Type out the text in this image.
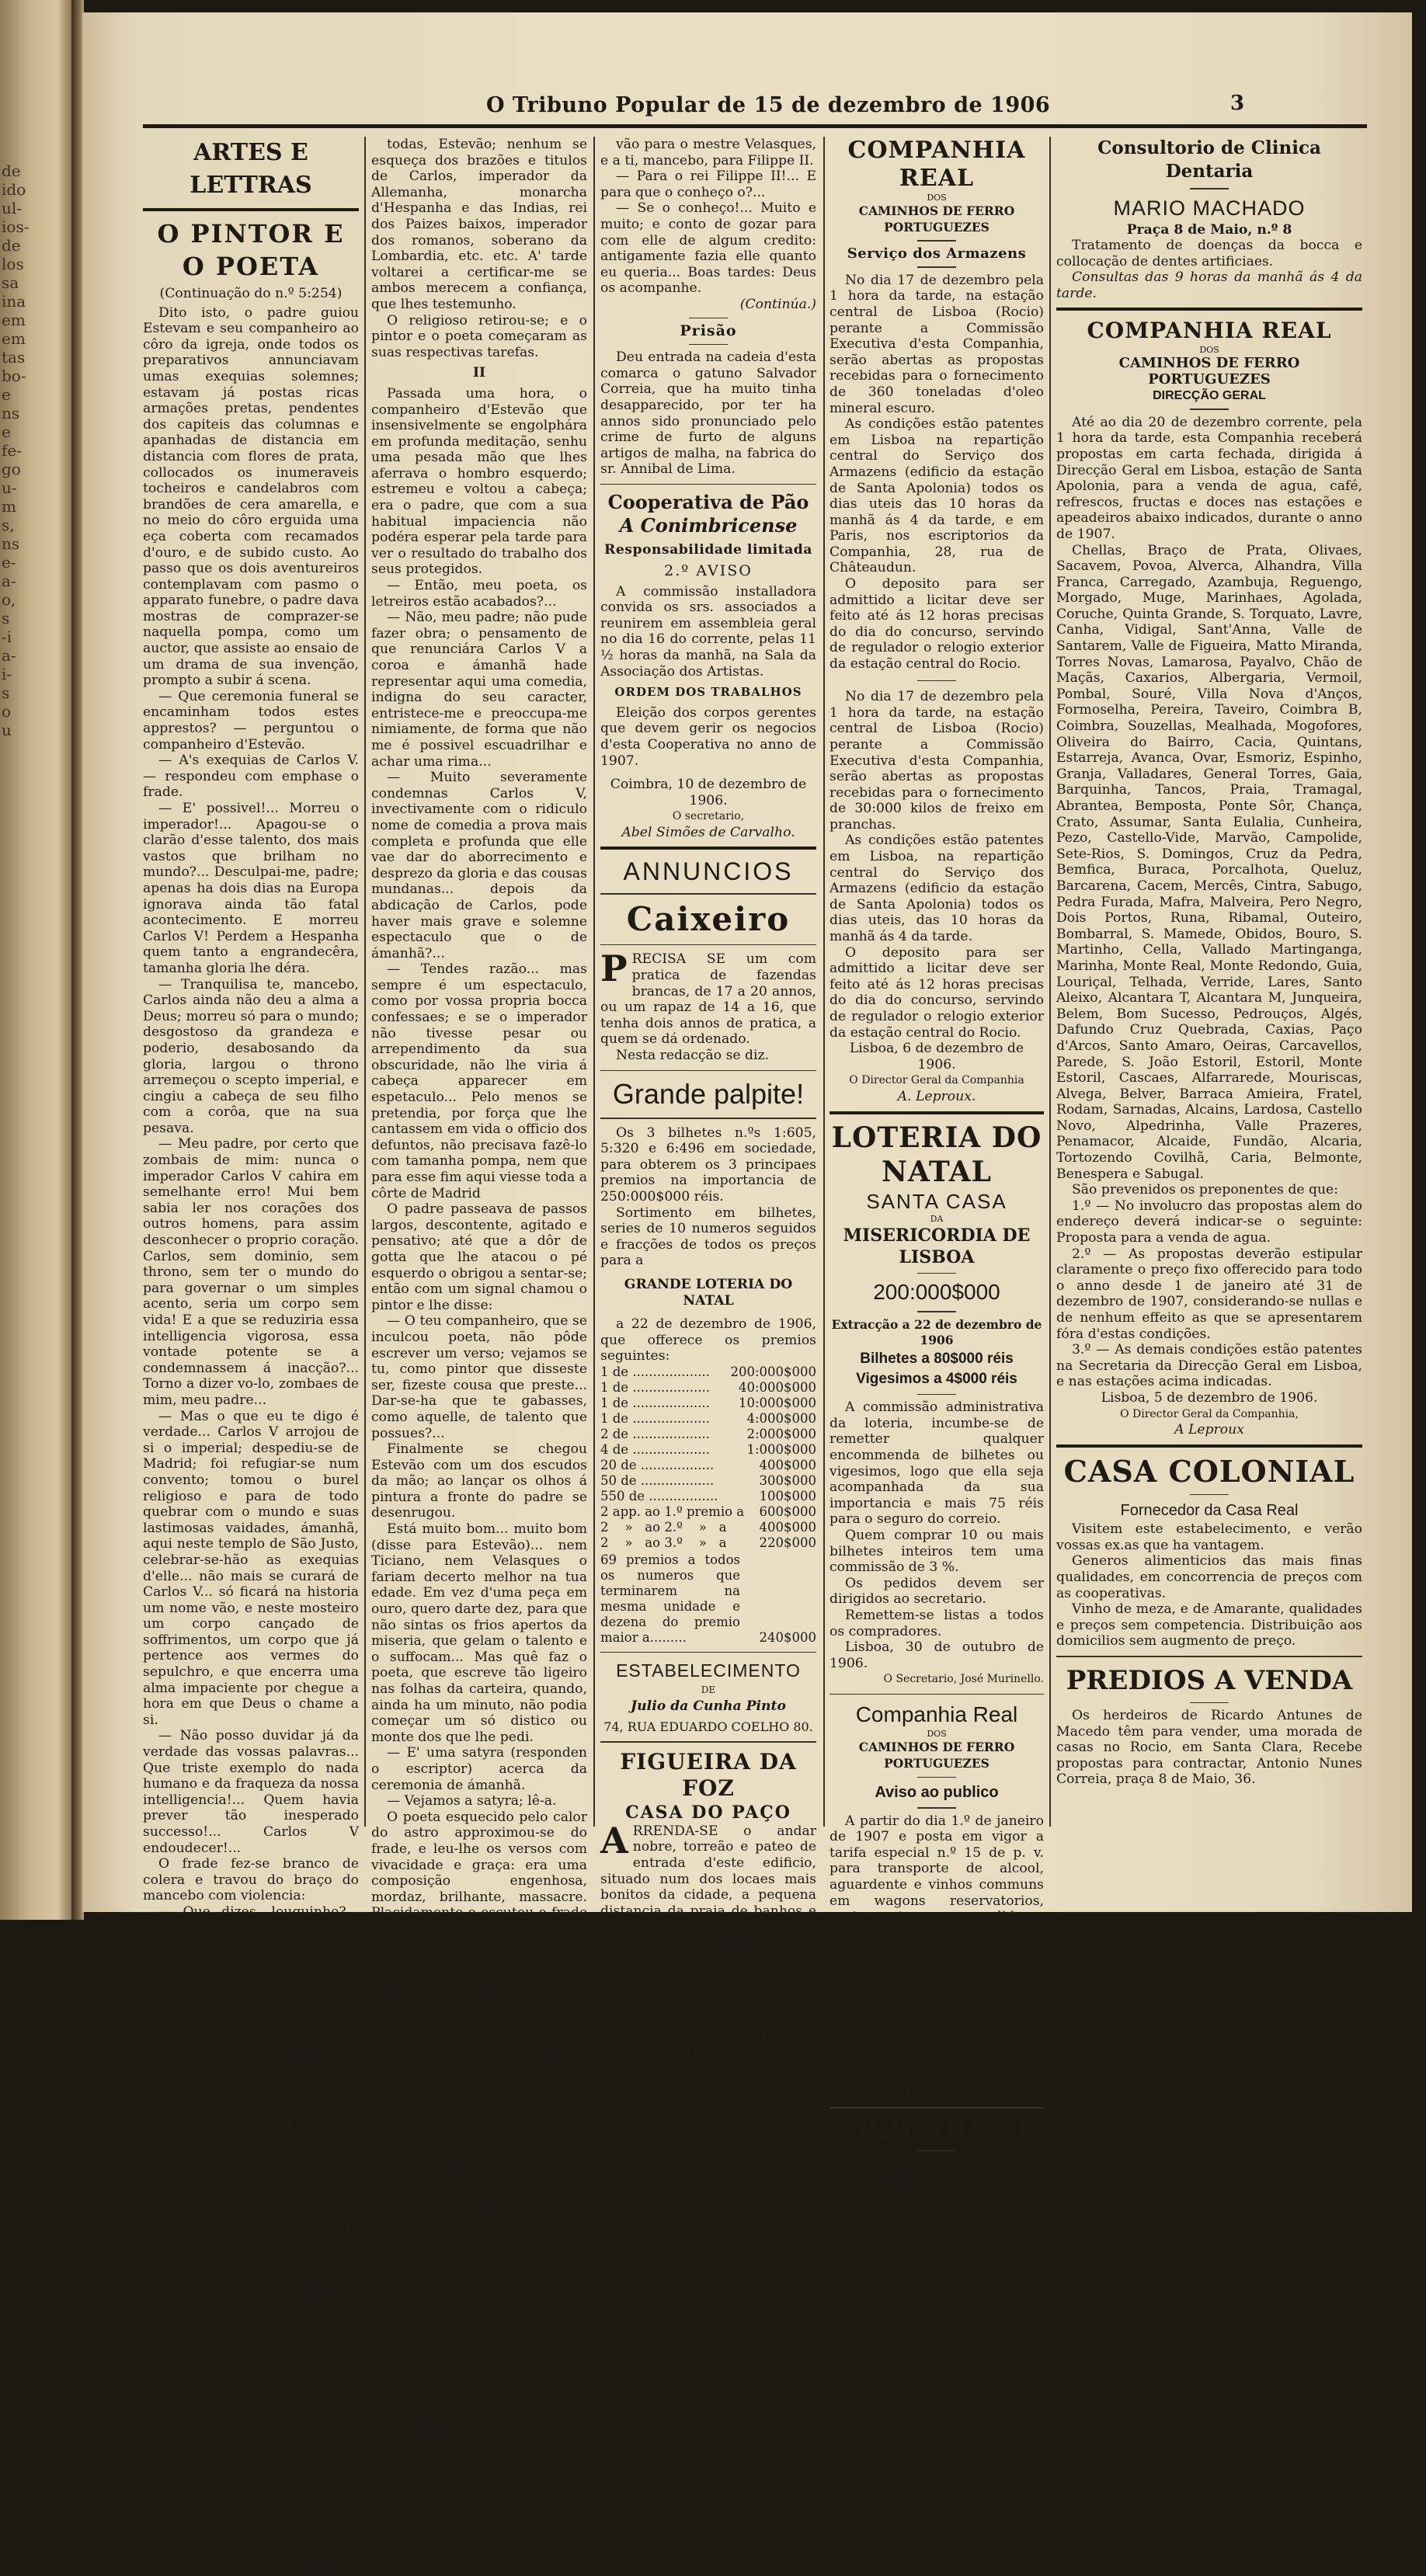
de
ido
ul-
ios-
de
los
sa
ina
em
em
tas
bo-
e
ns
e
fe-
go
u-
m
s,
ns
e-
a-
o,
s
-i
a-
i-
s
o
u
O Tribuno Popular de 15 de dezembro de 1906	3
ARTES E LETTRAS
O PINTOR E O POETA

(Continuação do n.º 5:254)

Dito isto, o padre guiou Estevam e seu companheiro ao côro da igreja, onde todos os preparativos annunciavam umas exequias solemnes; estavam já postas ricas armações pretas, pendentes dos capiteis das columnas e apanhadas de distancia em distancia com flores de prata, collocados os inumeraveis tocheiros e candelabros com brandões de cera amarella, e no meio do côro erguida uma eça coberta com recamados d'ouro, e de subido custo. Ao passo que os dois aventureiros contemplavam com pasmo o apparato funebre, o padre dava mostras de comprazer-se naquella pompa, como um auctor, que assiste ao ensaio de um drama de sua invenção, prompto a subir á scena.

— Que ceremonia funeral se encaminham todos estes apprestos? — perguntou o companheiro d'Estevão.

— A's exequias de Carlos V. — respondeu com emphase o frade.

— E' possivel!... Morreu o imperador!... Apagou-se o clarão d'esse talento, dos mais vastos que brilham no mundo?... Desculpai-me, padre; apenas ha dois dias na Europa ignorava ainda tão fatal acontecimento. E morreu Carlos V! Perdem a Hespanha quem tanto a engrandecêra, tamanha gloria lhe déra.

— Tranquilisa te, mancebo, Carlos ainda não deu a alma a Deus; morreu só para o mundo; desgostoso da grandeza e poderio, desabosando da gloria, largou o throno arremeçou o scepto imperial, e cingiu a cabeça de seu filho com a corôa, que na sua pesava.

— Meu padre, por certo que zombais de mim: nunca o imperador Carlos V cahira em semelhante erro! Mui bem sabia ler nos corações dos outros homens, para assim desconhecer o proprio coração. Carlos, sem dominio, sem throno, sem ter o mundo do para governar o um simples acento, seria um corpo sem vida! E a que se reduziria essa intelligencia vigorosa, essa vontade potente se a condemnassem á inacção?... Torno a dizer vo-lo, zombaes de mim, meu padre...

— Mas o que eu te digo é verdade... Carlos V arrojou de si o imperial; despediu-se de Madrid; foi refugiar-se num convento; tomou o burel religioso e para de todo quebrar com o mundo e suas lastimosas vaidades, ámanhã, aqui neste templo de São Justo, celebrar-se-hão as exequias d'elle... não mais se curará de Carlos V... só ficará na historia um nome vão, e neste mosteiro um corpo cançado de soffrimentos, um corpo que já pertence aos vermes do sepulchro, e que encerra uma alma impaciente por chegue a hora em que Deus o chame a si.

— Não posso duvidar já da verdade das vossas palavras... Que triste exemplo do nada humano e da fraqueza da nossa intelligencia!... Quem havia prever tão inesperado successo!... Carlos V endoudecer!...

O frade fez-se branco de colera e travou do braço do mancebo com violencia:

— Que dizes, louquinho?... Carlos goza do prefeito uso da sua razão.

— Não, meu padre, perdoe... não é possivel. Se a mão de Deus não pesasse sobre a cabeça do imperador; se elle conservasse o uso da razão, como dizeis, não iria expor-se ao escarneo da Europa, do mundo inteiro! Se queria dedicar á religião o resto da vida, e cuidar da sua salvação, não podia fazê-lo sem despojar-se de coisas?... Quero pensar que a sua abdicação não é acto e prova caval de loucura; mas esses funeraes antecipados, esse ridiculo ceremonial d'amanhã não demonstram sobejamente a demencia de Carlos?... E hade acabar assim homem tão illustre! Não devia imitar até ao fim Carlos Magno, de quem se mostrou emulo, de quem cingiu a corôa?

Facil era ver que as expreções do mancebo ao mesmo tempo lisongeavam e offendiam o padre; porque era este enrugava a testa, ora com um sorriso se lhe dessassombrava o rosto.

Não é tão cerrada a tua barba, poeta novato, que te caiba o direito de julgar as acções de Carlos V... Entenda a obra e compõe as divisas, que te encommendei, e o teu companheiro que pinte os escudos com as armas de Carlos V: neste livro as acharás

todas, Estevão; nenhum se esqueça dos brazões e titulos de Carlos, imperador da Allemanha, monarcha d'Hespanha e das Indias, rei dos Paizes baixos, imperador dos romanos, soberano da Lombardia, etc. etc. A' tarde voltarei a certificar-me se ambos merecem a confiança, que lhes testemunho.

O religioso retirou-se; e o pintor e o poeta começaram as suas respectivas tarefas.

II

Passada uma hora, o companheiro d'Estevão que insensivelmente se engolphára em profunda meditação, senhu uma pesada mão que lhes aferrava o hombro esquerdo; estremeu e voltou a cabeça; era o padre, que com a sua habitual impaciencia não podéra esperar pela tarde para ver o resultado do trabalho dos seus protegidos.

— Então, meu poeta, os letreiros estão acabados?...

— Não, meu padre; não pude fazer obra; o pensamento de que renunciára Carlos V a coroa e ámanhã hade representar aqui uma comedia, indigna do seu caracter, entristece-me e preoccupa-me nimiamente, de forma que não me é possivel escuadrilhar e achar uma rima...

— Muito severamente condemnas Carlos V, invectivamente com o ridiculo nome de comedia a prova mais completa e profunda que elle vae dar do aborrecimento e desprezo da gloria e das cousas mundanas... depois da abdicação de Carlos, pode haver mais grave e solemne espectaculo que o de ámanhã?...

— Tendes razão... mas sempre é um espectaculo, como por vossa propria bocca confessaes; e se o imperador não tivesse pesar ou arrependimento da sua obscuridade, não lhe viria á cabeça apparecer em espetaculo... Pelo menos se pretendia, por força que lhe cantassem em vida o officio dos defuntos, não precisava fazê-lo com tamanha pompa, nem que para esse fim aqui viesse toda a côrte de Madrid

O padre passeava de passos largos, descontente, agitado e pensativo; até que a dôr de gotta que lhe atacou o pé esquerdo o obrigou a sentar-se; então com um signal chamou o pintor e lhe disse:

— O teu companheiro, que se inculcou poeta, não pôde escrever um verso; vejamos se tu, como pintor que disseste ser, fizeste cousa que preste... Dar-se-ha que te gabasses, como aquelle, de talento que possues?...

Finalmente se chegou Estevão com um dos escudos da mão; ao lançar os olhos á pintura a fronte do padre se desenrugou.

Está muito bom... muito bom (disse para Estevão)... nem Ticiano, nem Velasques o fariam decerto melhor na tua edade. Em vez d'uma peça em ouro, quero darte dez, para que não sintas os frios apertos da miseria, que gelam o talento e o suffocam... Mas quê faz o poeta, que escreve tão ligeiro nas folhas da carteira, quando, ainda ha um minuto, não podia começar um só distico ou monte dos que lhe pedi.

— E' uma satyra (responden o escriptor) acerca da ceremonia de ámanhã.

— Vejamos a satyra; lê-a.

O poeta esquecido pelo calor do astro approximou-se do frade, e leu-lhe os versos com vivacidade e graça: era uma composição engenhosa, mordaz, brilhante, massacre. Placidamente o escutou o frade até ao cabo; e ora approvava certas passagens, ora censurava outras, e por duas ou trez vezes carregou as sobrancelhas em signal de descontentamento.

— Merecem esses versos (disse) elogios como obra poetica; e fóra de duvida, es auctor de talento... Daime porem agora provas de animoso e leal... Terias escripto esses versos quando Carlos V ainda reinava?... Não é isso, como narra a fabula, dar o pontapé no leão moribundo?

O poeta rasgou as folhas escriptas, e arremessou os fragmentos, que voaram dispersos.

— Bom! essa acção nos reconcilia. Mas é chegada a hora de vesperas; estão acabadas as pinturas; não podemos aqui demorar-nos mais tempo. Ide accommodar-vos numa das pousadas da villa, e ámanhã comparecerei á solemnidade funebre. Estevão julgará então melhor do effeito da sua obra, e habilitar-se-ha para algum dia compor um quadro da scena magestosa e terrivel, une presenciar. Finda a ceremonia faço tenção de dar cartas de recommendação a ambos, a Este-

vão para o mestre Velasques, e a ti, mancebo, para Filippe II.

— Para o rei Filippe II!... E para que o conheço o?...

— Se o conheço!... Muito e muito; e conto de gozar para com elle de algum credito: antigamente fazia elle quanto eu queria... Boas tardes: Deus os acompanhe.

(Continúa.)

Prisão

Deu entrada na cadeia d'esta comarca o gatuno Salvador Correia, que ha muito tinha desapparecido, por ter ha annos sido pronunciado pelo crime de furto de alguns artigos de malha, na fabrica do sr. Annibal de Lima.

Cooperativa de Pão

A Conimbricense

Responsabilidade limitada

2.º AVISO

A commissão installadora convida os srs. associados a reunirem em assembleia geral no dia 16 do corrente, pelas 11 ½ horas da manhã, na Sala da Associação dos Artistas.

ORDEM DOS TRABALHOS

Eleição dos corpos gerentes que devem gerir os negocios d'esta Cooperativa no anno de 1907.

Coimbra, 10 de dezembro de 1906.

O secretario,

Abel Simões de Carvalho.

ANNUNCIOS

Caixeiro

PRECISA SE um com pratica de fazendas brancas, de 17 a 20 annos, ou um rapaz de 14 a 16, que tenha dois annos de pratica, a quem se dá ordenado.

Nesta redacção se diz.

Grande palpite!

Os 3 bilhetes n.ºs 1:605, 5:320 e 6:496 em sociedade, para obterem os 3 principaes premios na importancia de 250:000$000 réis.

Sortimento em bilhetes, series de 10 numeros seguidos e fracções de todos os preços para a

GRANDE LOTERIA DO NATAL

a 22 de dezembro de 1906, que offerece os premios seguintes:

1 de ................... 200:000$000
1 de ................... 40:000$000
1 de ................... 10:000$000
1 de ...................	4:000$000
2 de ...................	2:000$000
4 de ...................	1:000$000
20 de ..................	400$000
50 de ..................	300$000
550 de .................	100$000
2 app. ao 1.º premio a 600$000
2    »   ao 2.º    »   a	400$000
2    »   ao 3.º    »   a	220$000
69 premios a todos os numeros que terminarem na mesma unidade e dezena do premio maior a.........	240$000

ESTABELECIMENTO

DE

Julio da Cunha Pinto

74, RUA EDUARDO COELHO 80.

FIGUEIRA DA FOZ

CASA DO PAÇO

ARRENDA-SE o andar nobre, torreão e pateo de entrada d'este edificio, situado num dos locaes mais bonitos da cidade, a pequena distancia da praia de banhos e com linda vista de mar e de rio.

Presta-se excellentemente não só para residencia particular como para installação de um grande Hotel, Collegio, ou qualquer outro grande estabelecimento ou empreza Commercial.

Dão-se informações e aceitam-se desde já propostas no estabelecimento commercial do Ill.mo Sr. Adriano Dias Barata Salgueiro, ao Largo do Carvão.

COMPANHIA REAL

DOS

CAMINHOS DE FERRO PORTUGUEZES

Serviço dos Armazens

No dia 17 de dezembro pela 1 hora da tarde, na estação central de Lisboa (Rocio) perante a Commissão Executiva d'esta Companhia, serão abertas as propostas recebidas para o fornecimento de 360 toneladas d'oleo mineral escuro.

As condições estão patentes em Lisboa na repartição central do Serviço dos Armazens (edificio da estação de Santa Apolonia) todos os dias uteis das 10 horas da manhã ás 4 da tarde, e em Paris, nos escriptorios da Companhia, 28, rua de Châteaudun.

O deposito para ser admittido a licitar deve ser feito até ás 12 horas precisas do dia do concurso, servindo de regulador o relogio exterior da estação central do Rocio.

No dia 17 de dezembro pela 1 hora da tarde, na estação central de Lisboa (Rocio) perante a Commissão Executiva d'esta Companhia, serão abertas as propostas recebidas para o fornecimento de 30:000 kilos de freixo em pranchas.

As condições estão patentes em Lisboa, na repartição central do Serviço dos Armazens (edificio da estação de Santa Apolonia) todos os dias uteis, das 10 horas da manhã ás 4 da tarde.

O deposito para ser admittido a licitar deve ser feito até ás 12 horas precisas do dia do concurso, servindo de regulador o relogio exterior da estação central do Rocio.

Lisboa, 6 de dezembro de 1906.

O Director Geral da Companhia

A. Leproux.

LOTERIA DO NATAL

SANTA CASA

DA

MISERICORDIA DE LISBOA

200:000$000

Extracção a 22 de dezembro de 1906

Bilhetes a 80$000 réis

Vigesimos a 4$000 réis

A commissão administrativa da loteria, incumbe-se de remetter qualquer encommenda de bilhetes ou vigesimos, logo que ella seja acompanhada da sua importancia e mais 75 réis para o seguro do correio.

Quem comprar 10 ou mais bilhetes inteiros tem uma commissão de 3 %.

Os pedidos devem ser dirigidos ao secretario.

Remettem-se listas a todos os compradores.

Lisboa, 30 de outubro de 1906.

O Secretario, José Murinello.

Companhia Real

DOS

CAMINHOS DE FERRO PORTUGUEZES

Aviso ao publico

A partir do dia 1.º de janeiro de 1907 e posta em vigor a tarifa especial n.º 15 de p. v. para transporte de alcool, aguardente e vinhos communs em wagons reservatorios, pertencentes aos expedidores ou consignatorios, ou como tal considerados.

Para mais esclarecimentos, pódem os interessados consultar a tarifa ou obte-la por preço nas estações d'esta Companhia.

Lisboa, 12 de dezembro de 1905.

O Director Geral da Companhia.

A Leproux

ARRENDA-SE

Uma padaria habilitada bem afreguezada e em bom local.

Pode-se fazer qualquer outra transacção.

Carta a esta redacção com as iniciaes. A. M. M.

Coimbra, 14 de setembro 1906.

Consultorio de Clinica Dentaria

MARIO MACHADO

Praça 8 de Maio, n.º 8

Tratamento de doenças da bocca e collocação de dentes artificiaes.

Consultas das 9 horas da manhã ás 4 da tarde.

COMPANHIA REAL

DOS

CAMINHOS DE FERRO PORTUGUEZES

DIRECÇÃO GERAL

Até ao dia 20 de dezembro corrente, pela 1 hora da tarde, esta Companhia receberá propostas em carta fechada, dirigida á Direcção Geral em Lisboa, estação de Santa Apolonia, para a venda de agua, café, refrescos, fructas e doces nas estações e apeadeiros abaixo indicados, durante o anno de 1907.

Chellas, Braço de Prata, Olivaes, Sacavem, Povoa, Alverca, Alhandra, Villa Franca, Carregado, Azambuja, Reguengo, Morgado, Muge, Marinhaes, Agolada, Coruche, Quinta Grande, S. Torquato, Lavre, Canha, Vidigal, Sant'Anna, Valle de Santarem, Valle de Figueira, Matto Miranda, Torres Novas, Lamarosa, Payalvo, Chão de Maçãs, Caxarios, Albergaria, Vermoil, Pombal, Souré, Villa Nova d'Anços, Formoselha, Pereira, Taveiro, Coimbra B, Coimbra, Souzellas, Mealhada, Mogofores, Oliveira do Bairro, Cacia, Quintans, Estarreja, Avanca, Ovar, Esmoriz, Espinho, Granja, Valladares, General Torres, Gaia, Barquinha, Tancos, Praia, Tramagal, Abrantea, Bemposta, Ponte Sôr, Chança, Crato, Assumar, Santa Eulalia, Cunheira, Pezo, Castello-Vide, Marvão, Campolide, Sete-Rios, S. Domingos, Cruz da Pedra, Bemfica, Buraca, Porcalhota, Queluz, Barcarena, Cacem, Mercês, Cintra, Sabugo, Pedra Furada, Mafra, Malveira, Pero Negro, Dois Portos, Runa, Ribamal, Outeiro, Bombarral, S. Mamede, Obidos, Bouro, S. Martinho, Cella, Vallado Martinganga, Marinha, Monte Real, Monte Redondo, Guia, Louriçal, Telhada, Verride, Lares, Santo Aleixo, Alcantara T, Alcantara M, Junqueira, Belem, Bom Sucesso, Pedrouços, Algés, Dafundo Cruz Quebrada, Caxias, Paço d'Arcos, Santo Amaro, Oeiras, Carcavellos, Parede, S. João Estoril, Estoril, Monte Estoril, Cascaes, Alfarrarede, Mouriscas, Alvega, Belver, Barraca Amieira, Fratel, Rodam, Sarnadas, Alcains, Lardosa, Castello Novo, Alpedrinha, Valle Prazeres, Penamacor, Alcaide, Fundão, Alcaria, Tortozendo Covilhã, Caria, Belmonte, Benespera e Sabugal.

São prevenidos os preponentes de que:

1.º — No involucro das propostas alem do endereço deverá indicar-se o seguinte: Proposta para a venda de agua.

2.º — As propostas deverão estipular claramente o preço fixo offerecido para todo o anno desde 1 de janeiro até 31 de dezembro de 1907, considerando-se nullas e de nenhum effeito as que se apresentarem fóra d'estas condições.

3.º — As demais condições estão patentes na Secretaria da Direcção Geral em Lisboa, e nas estações acima indicadas.

Lisboa, 5 de dezembro de 1906.

O Director Geral da Companhia,

A Leproux

CASA COLONIAL

Fornecedor da Casa Real

Visitem este estabelecimento, e verão vossas ex.as que ha vantagem.

Generos alimenticios das mais finas qualidades, em concorrencia de preços com as cooperativas.

Vinho de meza, e de Amarante, qualidades e preços sem competencia. Distribuição aos domicilios sem augmento de preço.

PREDIOS A VENDA

Os herdeiros de Ricardo Antunes de Macedo têm para vender, uma morada de casas no Rocio, em Santa Clara, Recebe propostas para contractar, Antonio Nunes Correia, praça 8 de Maio, 36.
